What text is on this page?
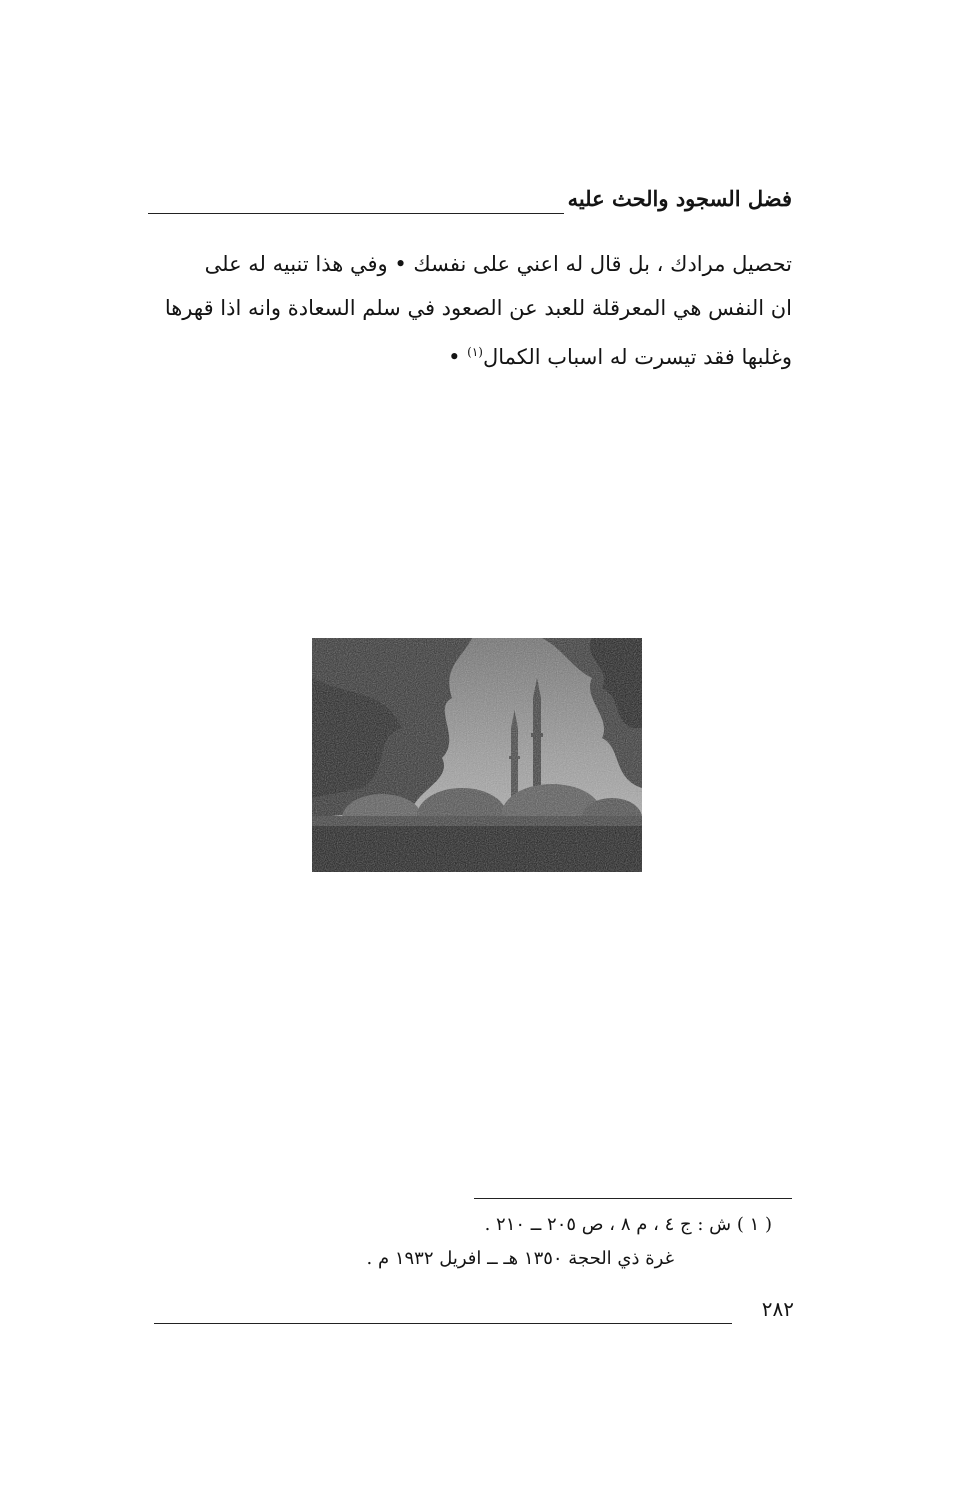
فضل السجود والحث عليه
تحصيل مرادك ، بل قال له اعني على نفسك • وفي هذا تنبيه له على
ان النفس هي المعرقلة للعبد عن الصعود في سلم السعادة وانه اذا قهرها
وغلبها فقد تيسرت له اسباب الكمال$^{(١)}$ •
( ١ ) ش : ج ٤ ، م ٨ ، ص ٢٠٥ ــ ٢١٠ .
غرة ذي الحجة ١٣٥٠ هـ ــ افريل ١٩٣٢ م .
٢٨٢
